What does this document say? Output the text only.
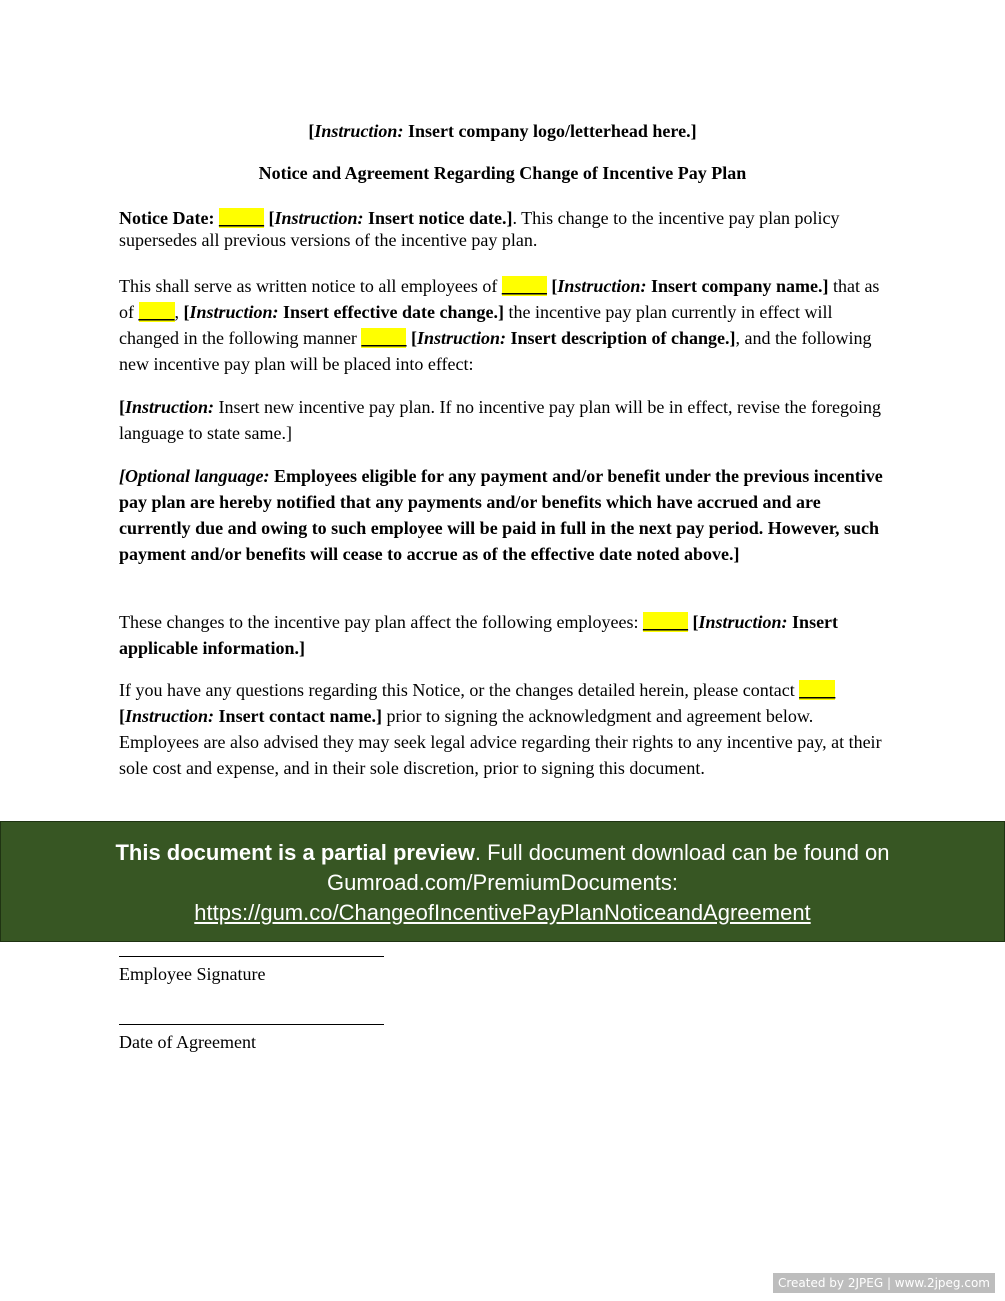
[Instruction: Insert company logo/letterhead here.]
Notice and Agreement Regarding Change of Incentive Pay Plan

Notice Date: _____ [Instruction: Insert notice date.]. This change to the incentive pay plan policy supersedes all previous versions of the incentive pay plan.

This shall serve as written notice to all employees of _____ [Instruction: Insert company name.] that as of ____, [Instruction: Insert effective date change.] the incentive pay plan currently in effect will changed in the following manner _____ [Instruction: Insert description of change.], and the following new incentive pay plan will be placed into effect:

[Instruction: Insert new incentive pay plan. If no incentive pay plan will be in effect, revise the foregoing language to state same.]

[Optional language: Employees eligible for any payment and/or benefit under the previous incentive pay plan are hereby notified that any payments and/or benefits which have accrued and are currently due and owing to such employee will be paid in full in the next pay period. However, such payment and/or benefits will cease to accrue as of the effective date noted above.]

These changes to the incentive pay plan affect the following employees: _____ [Instruction: Insert applicable information.]

If you have any questions regarding this Notice, or the changes detailed herein, please contact ____ [Instruction: Insert contact name.] prior to signing the acknowledgment and agreement below. Employees are also advised they may seek legal advice regarding their rights to any incentive pay, at their sole cost and expense, and in their sole discretion, prior to signing this document.

This document is a partial preview. Full document download can be found on
Gumroad.com/PremiumDocuments:
https://gum.co/ChangeofIncentivePayPlanNoticeandAgreement
Employee Signature
Date of Agreement
Created by 2JPEG | www.2jpeg.com
